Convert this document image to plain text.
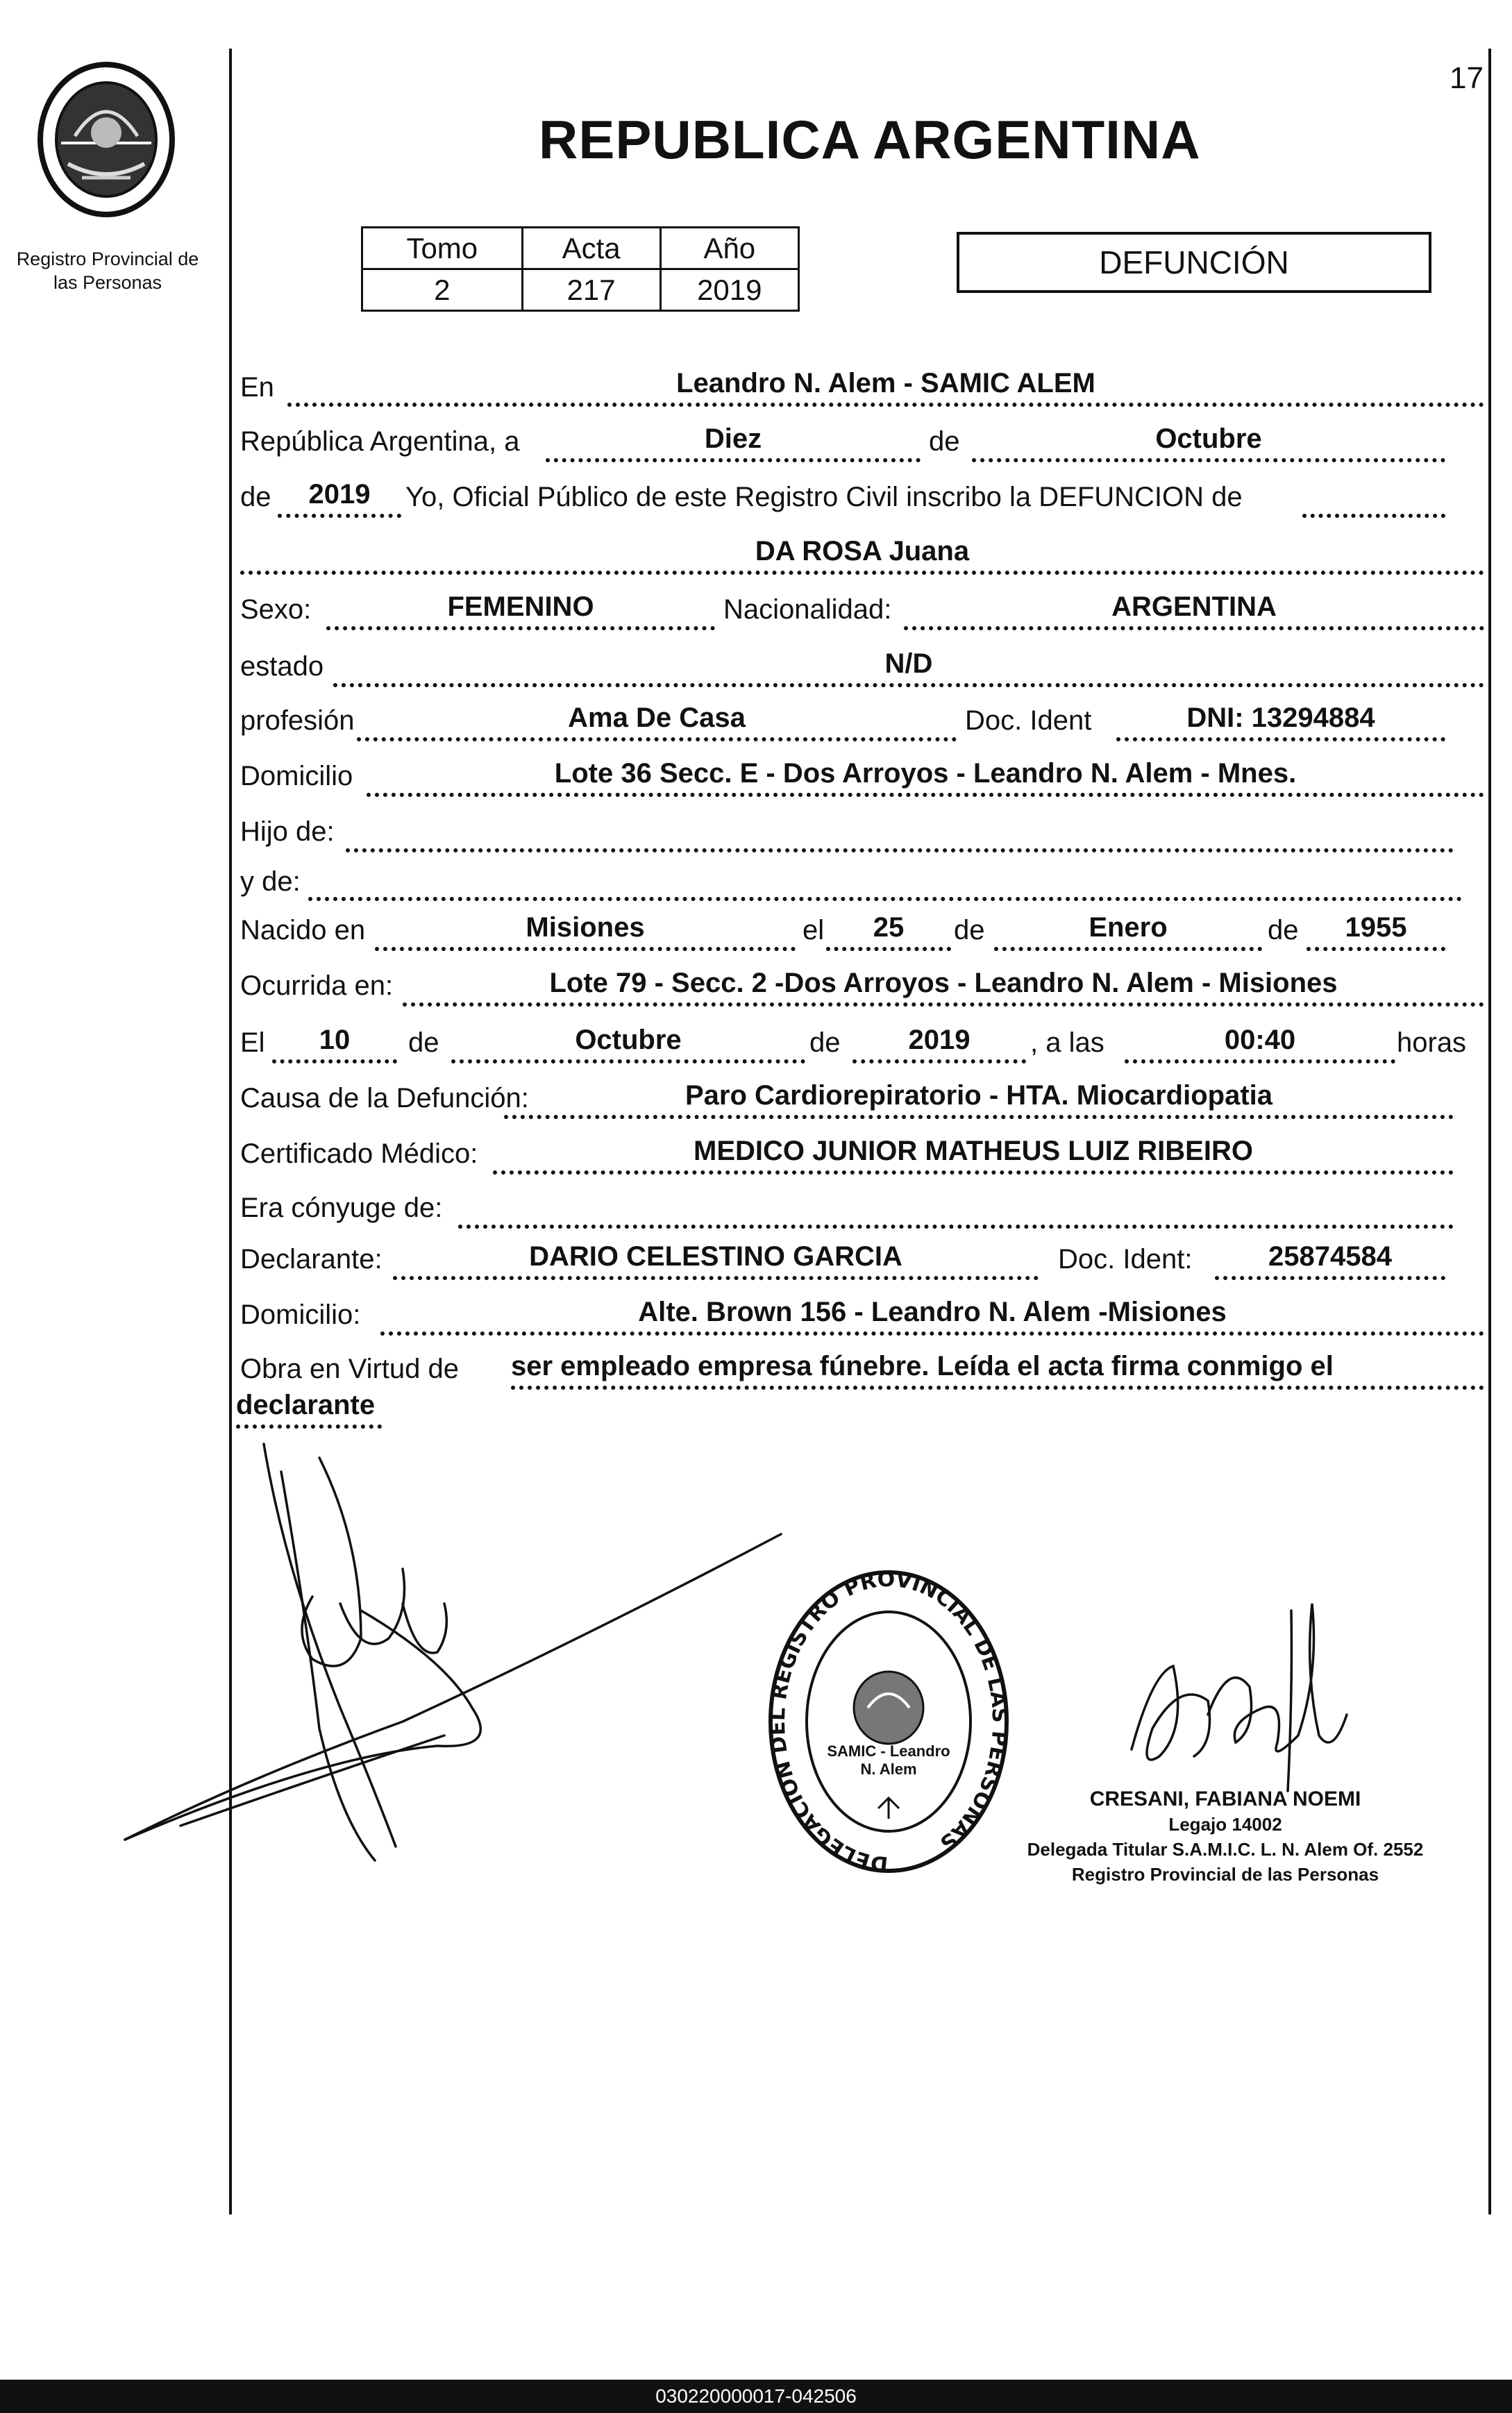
17
Registro Provincial de
las Personas
REPUBLICA ARGENTINA
Tomo	Acta	Año
2	217	2019
DEFUNCIÓN
En	Leandro N. Alem - SAMIC ALEM
República Argentina, a	Diez	de	Octubre
de	2019	Yo, Oficial Público de este Registro Civil inscribo la DEFUNCION de
DA ROSA Juana
Sexo:	FEMENINO	Nacionalidad:	ARGENTINA
estado	N/D
profesión	Ama De Casa	Doc. Ident	DNI: 13294884
Domicilio	Lote 36 Secc. E - Dos Arroyos - Leandro N. Alem - Mnes.
Hijo de:
y de:
Nacido en	Misiones	el	25	de	Enero	de	1955
Ocurrida en:	Lote 79 - Secc. 2 -Dos Arroyos - Leandro N. Alem - Misiones
El	10	de	Octubre	de	2019	, a las	00:40	horas
Causa de la Defunción:	Paro Cardiorepiratorio - HTA. Miocardiopatia
Certificado Médico:	MEDICO JUNIOR MATHEUS LUIZ RIBEIRO
Era cónyuge de:
Declarante:	DARIO CELESTINO GARCIA	Doc. Ident:	25874584
Domicilio:	Alte. Brown 156 - Leandro N. Alem -Misiones
Obra en Virtud de ser empleado empresa fúnebre. Leída el acta firma conmigo el
declarante
DELEGACION DEL REGISTRO PROVINCIAL DE LAS PERSONAS
SAMIC - Leandro N. Alem
CRESANI, FABIANA NOEMI
Legajo 14002
Delegada Titular S.A.M.I.C. L. N. Alem Of. 2552
Registro Provincial de las Personas
030220000017-042506
